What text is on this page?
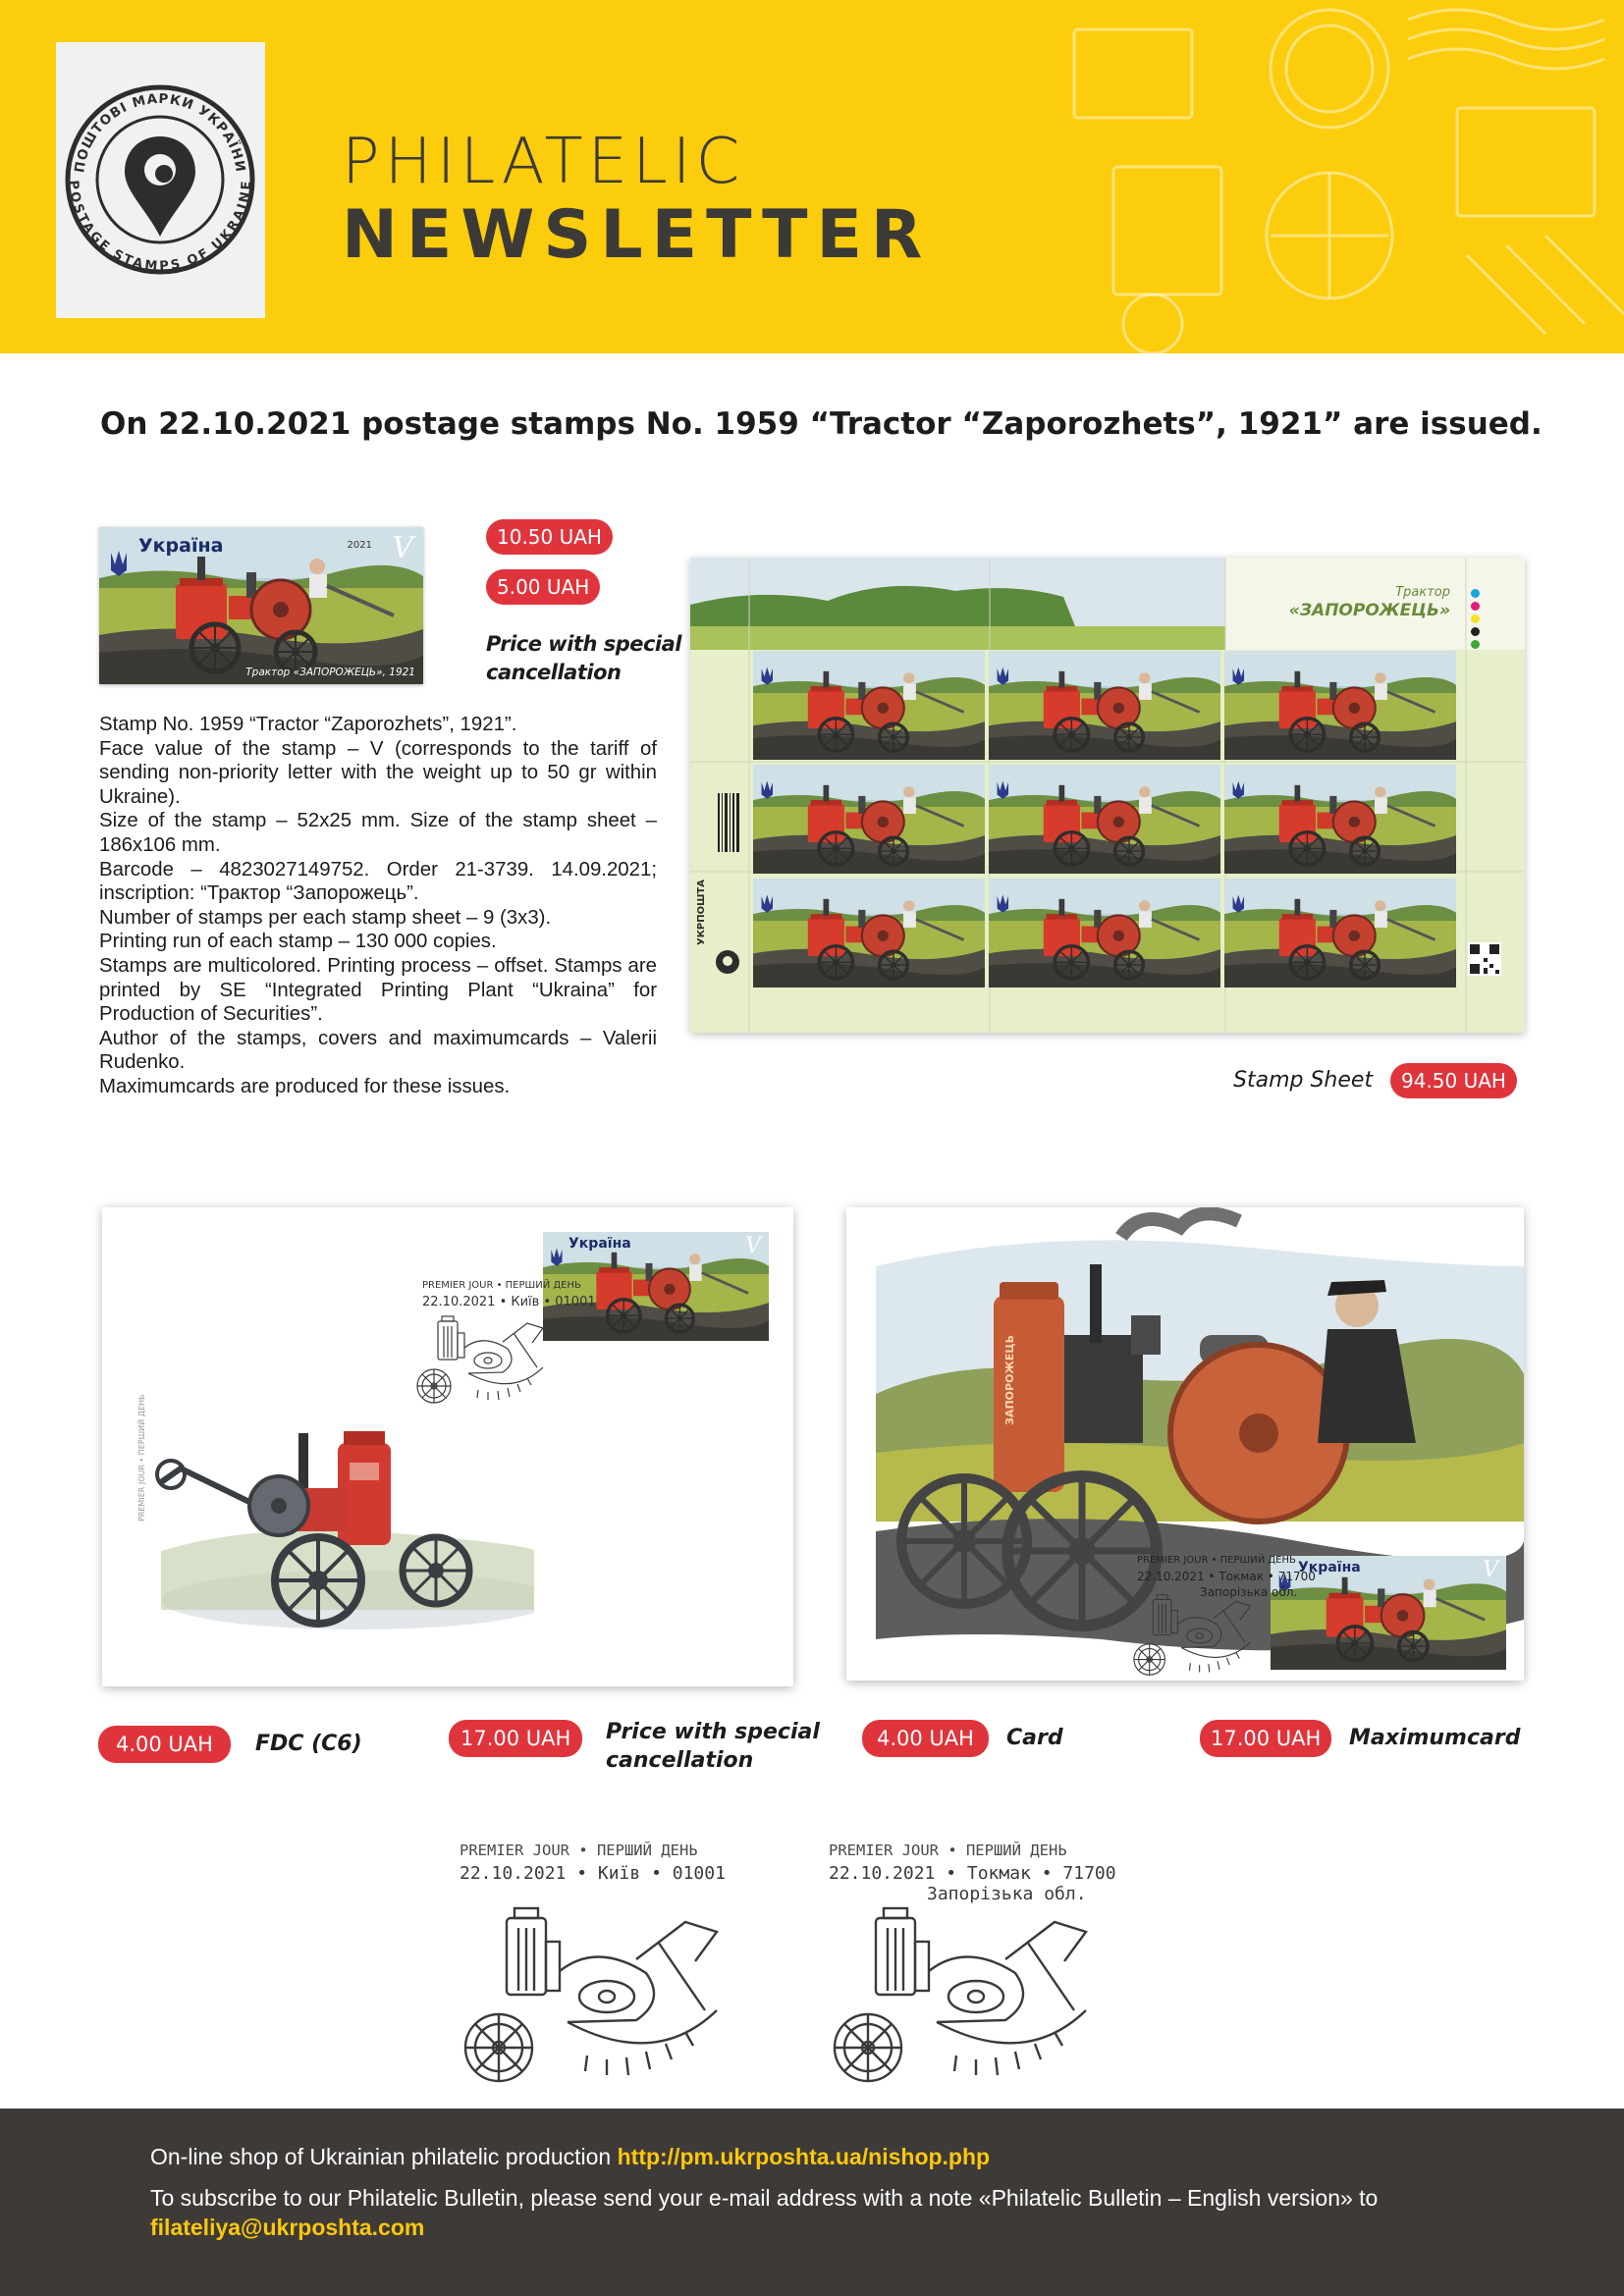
ПОШТОВІ МАРКИ УКРАЇНИ
POSTAGE STAMPS OF UKRAINE PHILATELIC
NEWSLETTER
On 22.10.2021 postage stamps No. 1959 “Tractor “Zaporozhets”, 1921” are issued.
Україна	V
2021
Трактор «ЗАПОРОЖЕЦЬ», 1921
10.50 UAH
5.00 UAH
Price with special
cancellation

Stamp No. 1959 “Tractor “Zaporozhets”, 1921”.

Face value of the stamp – V (corresponds to the tariff of sending non-priority letter with the weight up to 50 gr within Ukraine).

Size of the stamp – 52x25 mm. Size of the stamp sheet – 186x106 mm.

Barcode – 4823027149752. Order 21-3739. 14.09.2021; inscription: “Трактор “Запорожець”.

Number of stamps per each stamp sheet – 9 (3x3).

Printing run of each stamp – 130 000 copies.

Stamps are multicolored. Printing process – offset. Stamps are printed by SE “Integrated Printing Plant “Ukraina” for Production of Securities”.

Author of the stamps, covers and maximumcards – Valerii Rudenko.

Maximumcards are produced for these issues.

Трактор
«ЗАПОРОЖЕЦЬ»
УКРПОШТА
Stamp Sheet	94.50 UAH
PREMIER JOUR • ПЕРШИЙ ДЕНЬ
Україна	V
PREMIER JOUR • ПЕРШИЙ ДЕНЬ
22.10.2021 • Київ • 01001
4.00 UAH	FDC (C6)	17.00 UAH	Price with special
cancellation
ЗАПОРОЖЕЦЬ
Україна	V
PREMIER JOUR • ПЕРШИЙ ДЕНЬ
22.10.2021 • Токмак • 71700
Запорізька обл.
4.00 UAH	Card	17.00 UAH	Maximumcard
PREMIER JOUR • ПЕРШИЙ ДЕНЬ
22.10.2021 • Київ • 01001
PREMIER JOUR • ПЕРШИЙ ДЕНЬ
22.10.2021 • Токмак • 71700
Запорізька обл.
On-line shop of Ukrainian philatelic production http://pm.ukrposhta.ua/nishop.php
To subscribe to our Philatelic Bulletin, please send your e-mail address with a note «Philatelic Bulletin – English version» to
filateliya@ukrposhta.com
